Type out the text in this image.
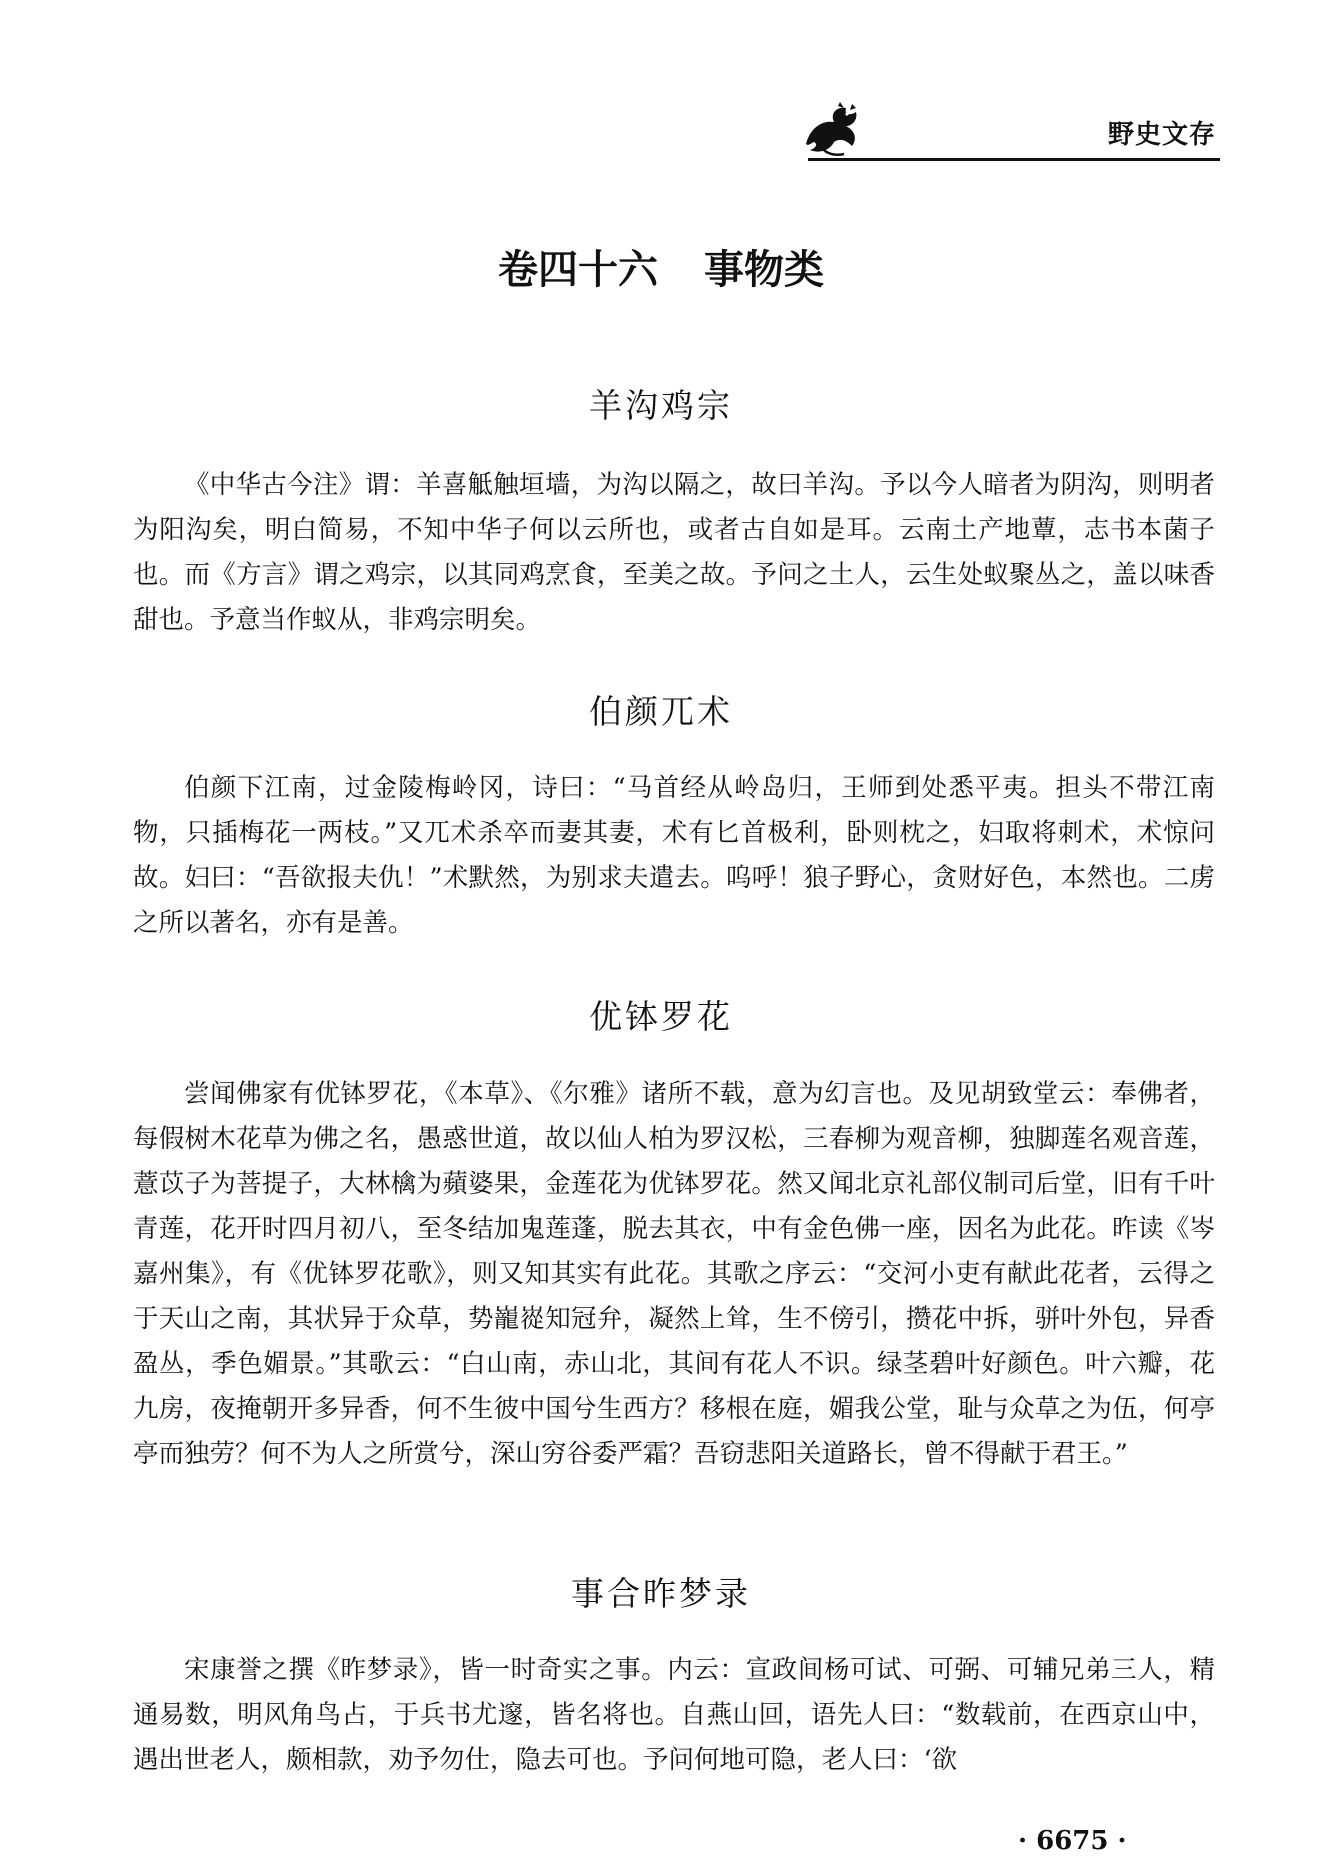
野史文存
卷四十六 事物类
羊沟鸡宗

《中华古今注》谓：羊喜觝触垣墙，为沟以隔之，故曰羊沟。予以今人暗者为阴沟，则明者为阳沟矣，明白简易，不知中华子何以云所也，或者古自如是耳。云南土产地蕈，志书本菌子也。而《方言》谓之鸡宗，以其同鸡烹食，至美之故。予问之土人，云生处蚁聚丛之，盖以味香甜也。予意当作蚁从，非鸡宗明矣。

伯颜兀术

伯颜下江南，过金陵梅岭冈，诗曰：“马首经从岭岛归，王师到处悉平夷。担头不带江南物，只插梅花一两枝。”又兀术杀卒而妻其妻，术有匕首极利，卧则枕之，妇取将刺术，术惊问故。妇曰：“吾欲报夫仇！”术默然，为别求夫遣去。呜呼！狼子野心，贪财好色，本然也。二虏之所以著名，亦有是善。

优钵罗花

尝闻佛家有优钵罗花，《本草》、《尔雅》诸所不载，意为幻言也。及见胡致堂云：奉佛者，每假树木花草为佛之名，愚惑世道，故以仙人柏为罗汉松，三春柳为观音柳，独脚莲名观音莲，薏苡子为菩提子，大林檎为蘋婆果，金莲花为优钵罗花。然又闻北京礼部仪制司后堂，旧有千叶青莲，花开时四月初八，至冬结加鬼莲蓬，脱去其衣，中有金色佛一座，因名为此花。昨读《岑嘉州集》，有《优钵罗花歌》，则又知其实有此花。其歌之序云：“交河小吏有献此花者，云得之于天山之南，其状异于众草，势巃嵸知冠弁，凝然上耸，生不傍引，攒花中拆，骈叶外包，异香盈丛，季色媚景。”其歌云：“白山南，赤山北，其间有花人不识。绿茎碧叶好颜色。叶六瓣，花九房，夜掩朝开多异香，何不生彼中国兮生西方？移根在庭，媚我公堂，耻与众草之为伍，何亭亭而独劳？何不为人之所赏兮，深山穷谷委严霜？吾窃悲阳关道路长，曾不得献于君王。”

事合昨梦录

宋康誉之撰《昨梦录》，皆一时奇实之事。内云：宣政间杨可试、可弼、可辅兄弟三人，精通易数，明风角鸟占，于兵书尤邃，皆名将也。自燕山回，语先人曰：“数载前，在西京山中，遇出世老人，颇相款，劝予勿仕，隐去可也。予问何地可隐，老人曰：‘欲

· 6675 ·
